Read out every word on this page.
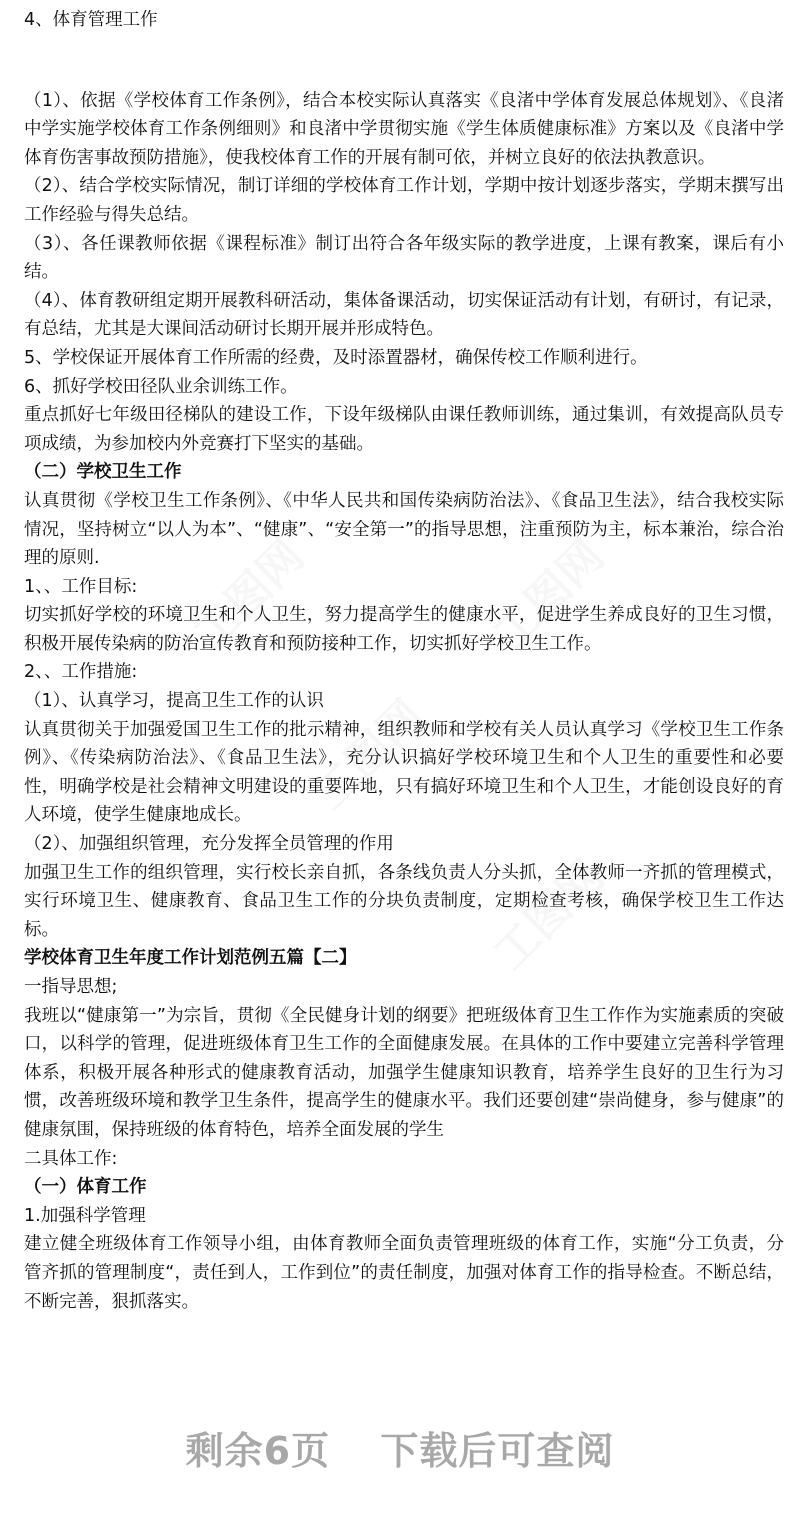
4、体育管理工作

（1）、依据《学校体育工作条例》，结合本校实际认真落实《良渚中学体育发展总体规划》、《良渚中学实施学校体育工作条例细则》和良渚中学贯彻实施《学生体质健康标准》方案以及《良渚中学体育伤害事故预防措施》，使我校体育工作的开展有制可依，并树立良好的依法执教意识。

（2）、结合学校实际情况，制订详细的学校体育工作计划，学期中按计划逐步落实，学期末撰写出工作经验与得失总结。

（3）、各任课教师依据《课程标准》制订出符合各年级实际的教学进度，上课有教案，课后有小结。

（4）、体育教研组定期开展教科研活动，集体备课活动，切实保证活动有计划，有研讨，有记录，有总结，尤其是大课间活动研讨长期开展并形成特色。

5、学校保证开展体育工作所需的经费，及时添置器材，确保传校工作顺利进行。

6、抓好学校田径队业余训练工作。

重点抓好七年级田径梯队的建设工作，下设年级梯队由课任教师训练，通过集训，有效提高队员专项成绩，为参加校内外竞赛打下坚实的基础。

（二）学校卫生工作

认真贯彻《学校卫生工作条例》、《中华人民共和国传染病防治法》、《食品卫生法》，结合我校实际情况，坚持树立“以人为本”、“健康”、“安全第一”的指导思想，注重预防为主，标本兼治，综合治理的原则.

1、、工作目标:

切实抓好学校的环境卫生和个人卫生，努力提高学生的健康水平，促进学生养成良好的卫生习惯，积极开展传染病的防治宣传教育和预防接种工作，切实抓好学校卫生工作。

2、、工作措施:

（1）、认真学习，提高卫生工作的认识

认真贯彻关于加强爱国卫生工作的批示精神，组织教师和学校有关人员认真学习《学校卫生工作条例》、《传染病防治法》、《食品卫生法》，充分认识搞好学校环境卫生和个人卫生的重要性和必要性，明确学校是社会精神文明建设的重要阵地，只有搞好环境卫生和个人卫生，才能创设良好的育人环境，使学生健康地成长。

（2）、加强组织管理，充分发挥全员管理的作用

加强卫生工作的组织管理，实行校长亲自抓，各条线负责人分头抓，全体教师一齐抓的管理模式，实行环境卫生、健康教育、食品卫生工作的分块负责制度，定期检查考核，确保学校卫生工作达标。

学校体育卫生年度工作计划范例五篇【二】

一指导思想;

我班以“健康第一”为宗旨，贯彻《全民健身计划的纲要》把班级体育卫生工作作为实施素质的突破口，以科学的管理，促进班级体育卫生工作的全面健康发展。在具体的工作中要建立完善科学管理体系，积极开展各种形式的健康教育活动，加强学生健康知识教育，培养学生良好的卫生行为习惯，改善班级环境和教学卫生条件，提高学生的健康水平。我们还要创建“崇尚健身，参与健康”的健康氛围，保持班级的体育特色，培养全面发展的学生

二具体工作:

（一）体育工作

1.加强科学管理

建立健全班级体育工作领导小组，由体育教师全面负责管理班级的体育工作，实施“分工负责，分管齐抓的管理制度“，责任到人，工作到位”的责任制度，加强对体育工作的指导检查。不断总结，不断完善，狠抓落实。

剩余6页 下载后可查阅
